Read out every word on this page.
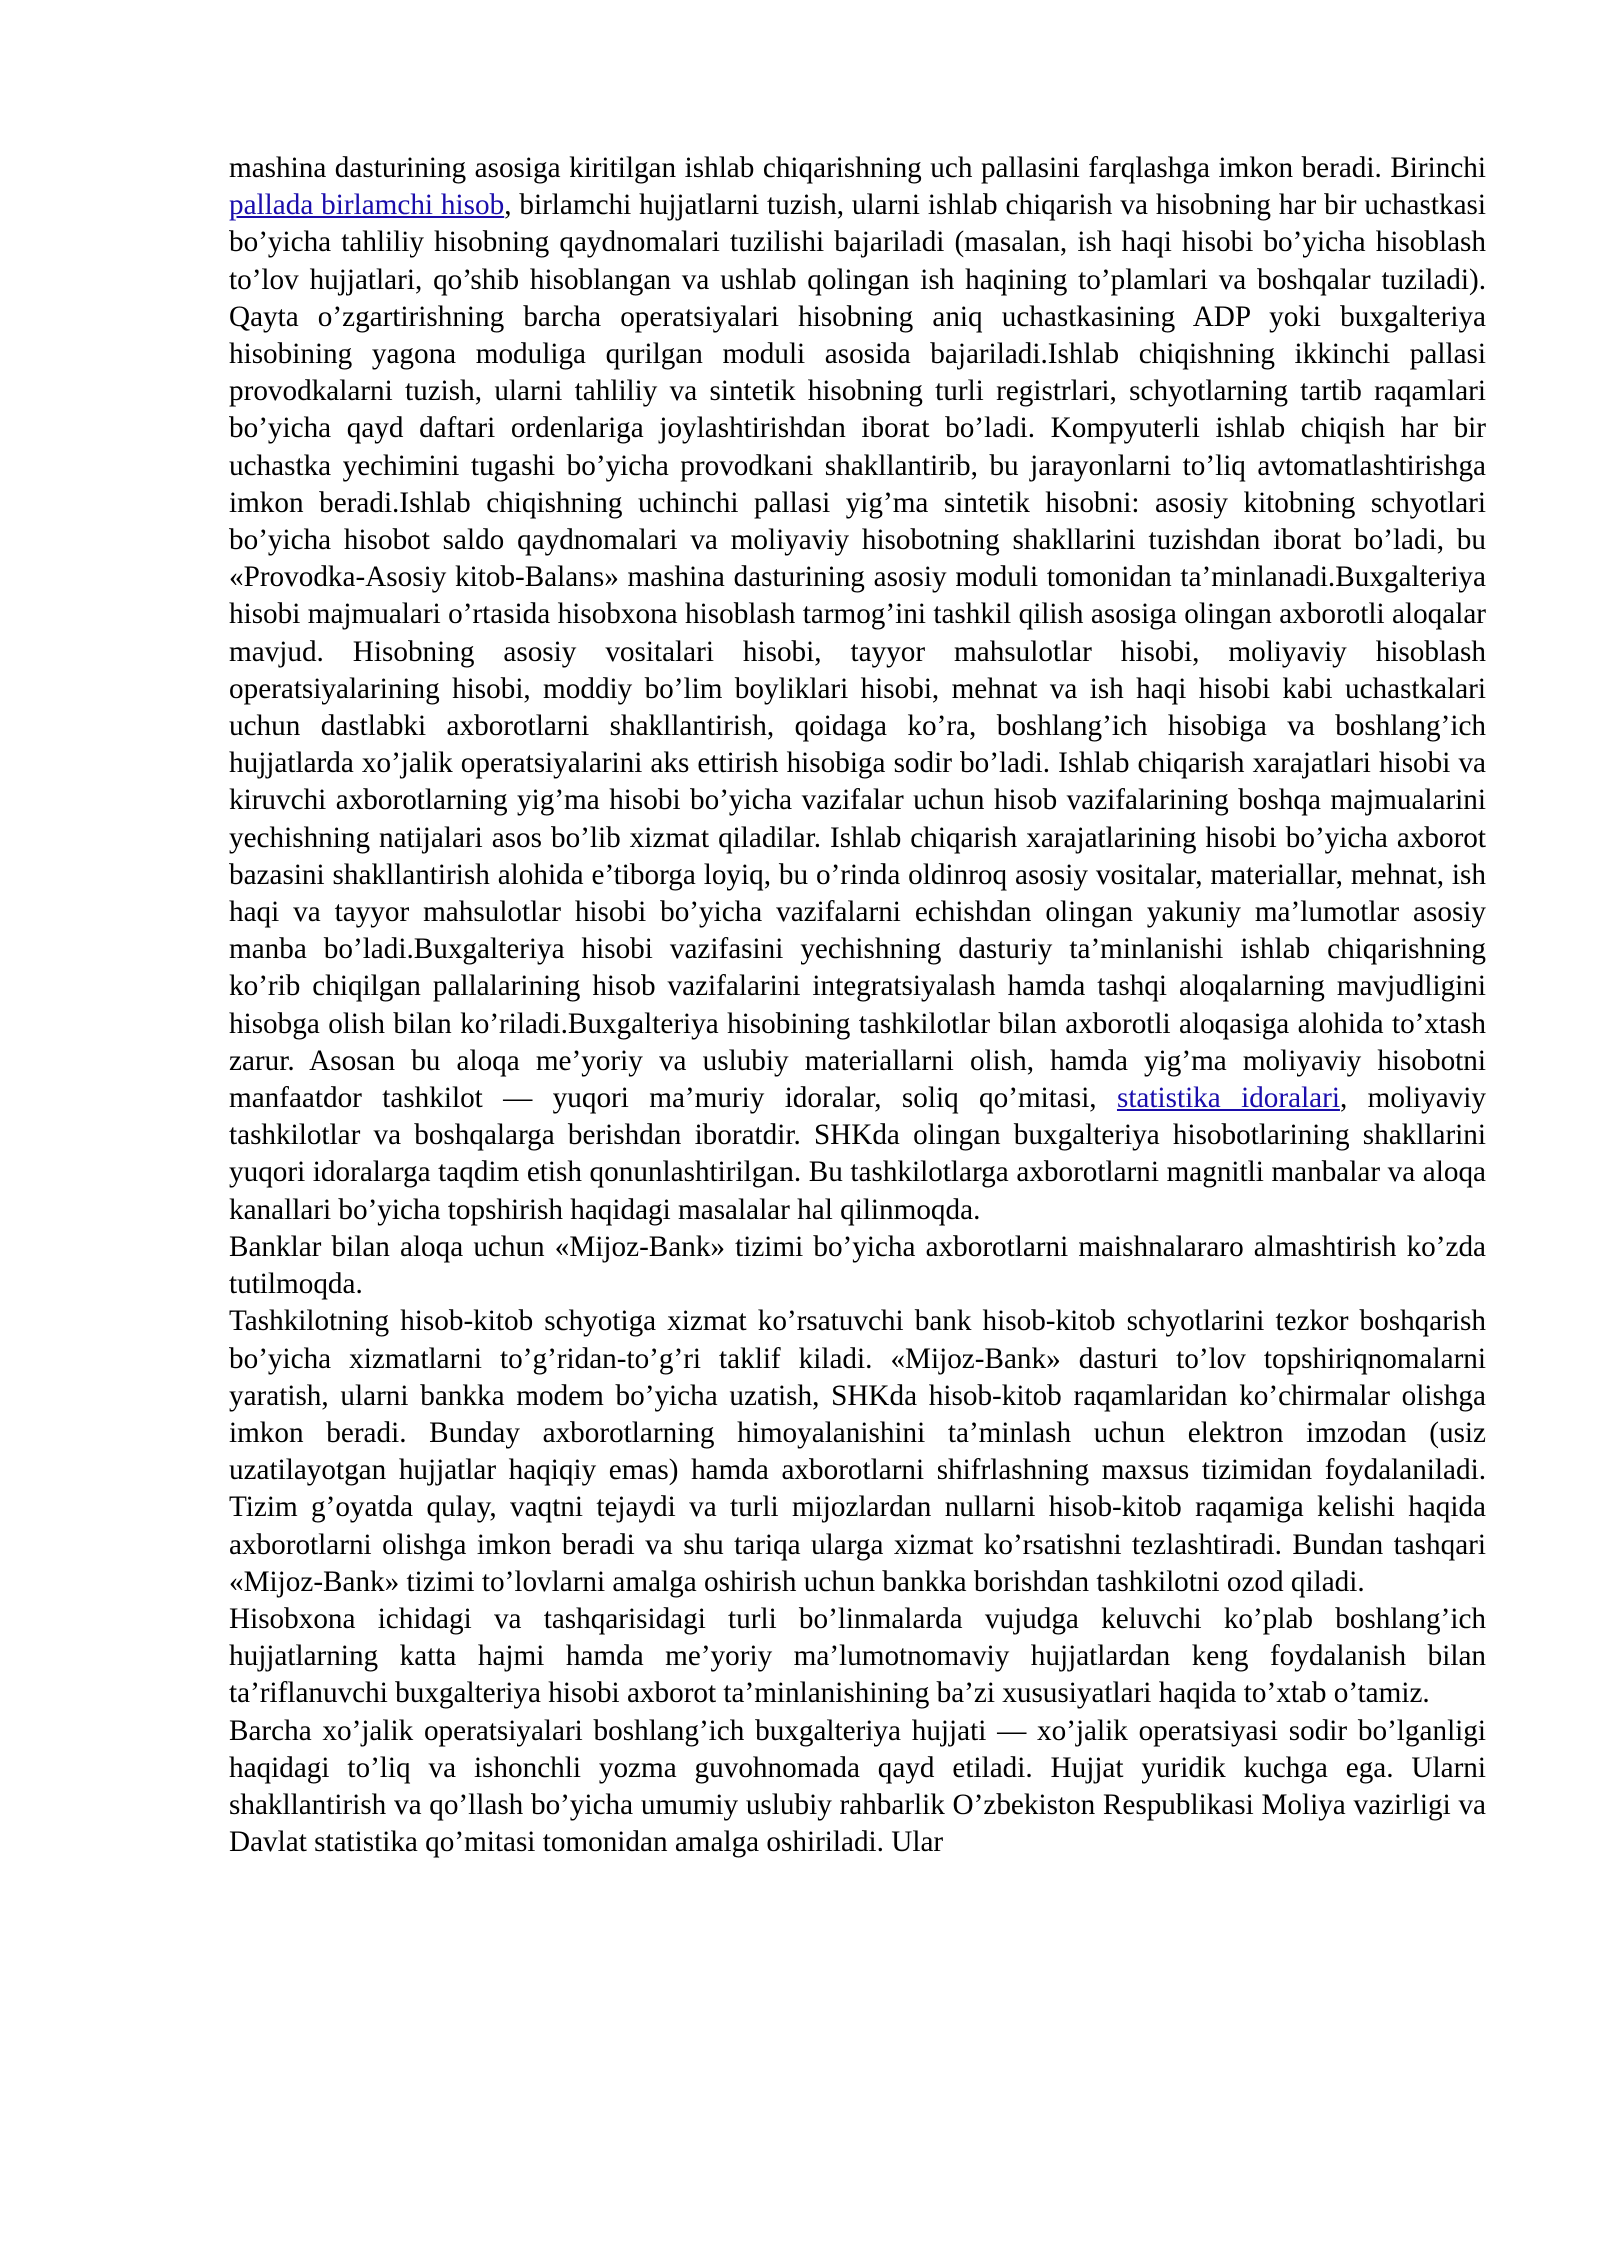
mashina dasturining asosiga kiritilgan ishlab chiqarishning uch pallasini farqlashga imkon beradi. Birinchi pallada birlamchi hisob, birlamchi hujjatlarni tuzish, ularni ishlab chiqarish va hisobning har bir uchastkasi bo’yicha tahliliy hisobning qaydnomalari tuzilishi bajariladi (masalan, ish haqi hisobi bo’yicha hisoblash to’lov hujjatlari, qo’shib hisoblangan va ushlab qolingan ish haqining to’plamlari va boshqalar tuziladi). Qayta o’zgartirishning barcha operatsiyalari hisobning aniq uchastkasining ADP yoki buxgalteriya hisobining yagona moduliga qurilgan moduli asosida bajariladi.Ishlab chiqishning ikkinchi pallasi provodkalarni tuzish, ularni tahliliy va sintetik hisobning turli registrlari, schyotlarning tartib raqamlari bo’yicha qayd daftari ordenlariga joylashtirishdan iborat bo’ladi. Kompyuterli ishlab chiqish har bir uchastka yechimini tugashi bo’yicha provodkani shakllantirib, bu jarayonlarni to’liq avtomatlashtirishga imkon beradi.Ishlab chiqishning uchinchi pallasi yig’ma sintetik hisobni: asosiy kitobning schyotlari bo’yicha hisobot saldo qaydnomalari va moliyaviy hisobotning shakllarini tuzishdan iborat bo’ladi, bu «Provodka-Asosiy kitob-Balans» mashina dasturining asosiy moduli tomonidan ta’minlanadi.Buxgalteriya hisobi majmualari o’rtasida hisobxona hisoblash tarmog’ini tashkil qilish asosiga olingan axborotli aloqalar mavjud. Hisobning asosiy vositalari hisobi, tayyor mahsulotlar hisobi, moliyaviy hisoblash operatsiyalarining hisobi, moddiy bo’lim boyliklari hisobi, mehnat va ish haqi hisobi kabi uchastkalari uchun dastlabki axborotlarni shakllantirish, qoidaga ko’ra, boshlang’ich hisobiga va boshlang’ich hujjatlarda xo’jalik operatsiyalarini aks ettirish hisobiga sodir bo’ladi. Ishlab chiqarish xarajatlari hisobi va kiruvchi axborotlarning yig’ma hisobi bo’yicha vazifalar uchun hisob vazifalarining boshqa majmualarini yechishning natijalari asos bo’lib xizmat qiladilar. Ishlab chiqarish xarajatlarining hisobi bo’yicha axborot bazasini shakllantirish alohida e’tiborga loyiq, bu o’rinda oldinroq asosiy vositalar, materiallar, mehnat, ish haqi va tayyor mahsulotlar hisobi bo’yicha vazifalarni echishdan olingan yakuniy ma’lumotlar asosiy manba bo’ladi.Buxgalteriya hisobi vazifasini yechishning dasturiy ta’minlanishi ishlab chiqarishning ko’rib chiqilgan pallalarining hisob vazifalarini integratsiyalash hamda tashqi aloqalarning mavjudligini hisobga olish bilan ko’riladi.Buxgalteriya hisobining tashkilotlar bilan axborotli aloqasiga alohida to’xtash zarur. Asosan bu aloqa me’yoriy va uslubiy materiallarni olish, hamda yig’ma moliyaviy hisobotni manfaatdor tashkilot — yuqori ma’muriy idoralar, soliq qo’mitasi, statistika idoralari, moliyaviy tashkilotlar va boshqalarga berishdan iboratdir. SHKda olingan buxgalteriya hisobotlarining shakllarini yuqori idoralarga taqdim etish qonunlashtirilgan. Bu tashkilotlarga axborotlarni magnitli manbalar va aloqa kanallari bo’yicha topshirish haqidagi masalalar hal qilinmoqda.

Banklar bilan aloqa uchun «Mijoz-Bank» tizimi bo’yicha axborotlarni maishnalararo almashtirish ko’zda tutilmoqda.

Tashkilotning hisob-kitob schyotiga xizmat ko’rsatuvchi bank hisob-kitob schyotlarini tezkor boshqarish bo’yicha xizmatlarni to’g’ridan-to’g’ri taklif kiladi. «Mijoz-Bank» dasturi to’lov topshiriqnomalarni yaratish, ularni bankka modem bo’yicha uzatish, SHKda hisob-kitob raqamlaridan ko’chirmalar olishga imkon beradi. Bunday axborotlarning himoyalanishini ta’minlash uchun elektron imzodan (usiz uzatilayotgan hujjatlar haqiqiy emas) hamda axborotlarni shifrlashning maxsus tizimidan foydalaniladi. Tizim g’oyatda qulay, vaqtni tejaydi va turli mijozlardan nullarni hisob-kitob raqamiga kelishi haqida axborotlarni olishga imkon beradi va shu tariqa ularga xizmat ko’rsatishni tezlashtiradi. Bundan tashqari «Mijoz-Bank» tizimi to’lovlarni amalga oshirish uchun bankka borishdan tashkilotni ozod qiladi.

Hisobxona ichidagi va tashqarisidagi turli bo’linmalarda vujudga keluvchi ko’plab boshlang’ich hujjatlarning katta hajmi hamda me’yoriy ma’lumotnomaviy hujjatlardan keng foydalanish bilan ta’riflanuvchi buxgalteriya hisobi axborot ta’minlanishining ba’zi xususiyatlari haqida to’xtab o’tamiz.

Barcha xo’jalik operatsiyalari boshlang’ich buxgalteriya hujjati — xo’jalik operatsiyasi sodir bo’lganligi haqidagi to’liq va ishonchli yozma guvohnomada qayd etiladi. Hujjat yuridik kuchga ega. Ularni shakllantirish va qo’llash bo’yicha umumiy uslubiy rahbarlik O’zbekiston Respublikasi Moliya vazirligi va Davlat statistika qo’mitasi tomonidan amalga oshiriladi. Ular
